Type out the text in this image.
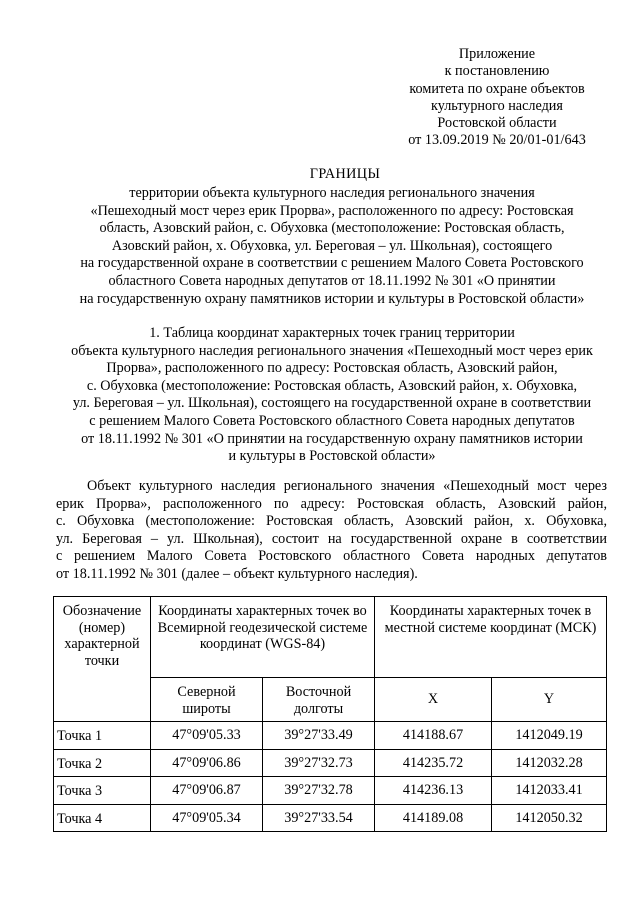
Приложение
к постановлению
комитета по охране объектов
культурного наследия
Ростовской области
от 13.09.2019 № 20/01-01/643
ГРАНИЦЫ
территории объекта культурного наследия регионального значения
«Пешеходный мост через ерик Прорва», расположенного по адресу: Ростовская
область, Азовский район, с. Обуховка (местоположение: Ростовская область,
Азовский район, х. Обуховка, ул. Береговая – ул. Школьная), состоящего
на государственной охране в соответствии с решением Малого Совета Ростовского
областного Совета народных депутатов от 18.11.1992 № 301 «О принятии
на государственную охрану памятников истории и культуры в Ростовской области»
1. Таблица координат характерных точек границ территории
объекта культурного наследия регионального значения «Пешеходный мост через ерик
Прорва», расположенного по адресу: Ростовская область, Азовский район,
с. Обуховка (местоположение: Ростовская область, Азовский район, х. Обуховка,
ул. Береговая – ул. Школьная), состоящего на государственной охране в соответствии
с решением Малого Совета Ростовского областного Совета народных депутатов
от 18.11.1992 № 301 «О принятии на государственную охрану памятников истории
и культуры в Ростовской области»
Объект культурного наследия регионального значения «Пешеходный мост через
ерик Прорва», расположенного по адресу: Ростовская область, Азовский район,
с. Обуховка (местоположение: Ростовская область, Азовский район, х. Обуховка,
ул. Береговая – ул. Школьная), состоит на государственной охране в соответствии
с решением Малого Совета Ростовского областного Совета народных депутатов
от 18.11.1992 № 301 (далее – объект культурного наследия).
Обозначение (номер) характерной точки	Координаты характерных точек во Всемирной геодезической системе координат (WGS-84)		Координаты характерных точек в местной системе координат (МСК)	
	Северной широты	Восточной долготы	X	Y
Точка 1	47°09'05.33	39°27'33.49	414188.67	1412049.19
Точка 2	47°09'06.86	39°27'32.73	414235.72	1412032.28
Точка 3	47°09'06.87	39°27'32.78	414236.13	1412033.41
Точка 4	47°09'05.34	39°27'33.54	414189.08	1412050.32
